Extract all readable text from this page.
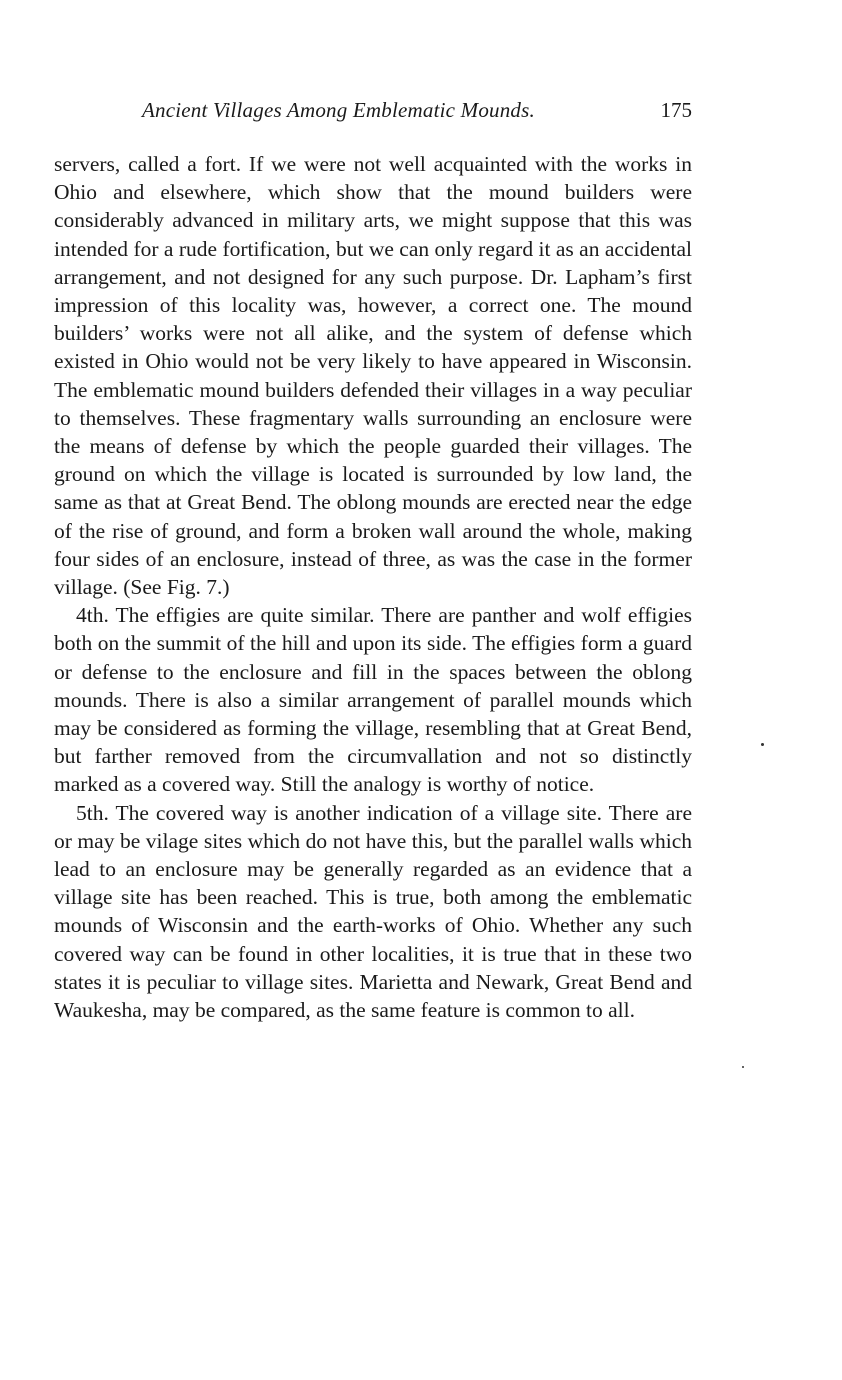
Ancient Villages Among Emblematic Mounds.	175

servers, called a fort. If we were not well acquainted with the works in Ohio and elsewhere, which show that the mound builders were considerably advanced in military arts, we might suppose that this was intended for a rude fortification, but we can only regard it as an accidental arrangement, and not designed for any such purpose. Dr. Lapham’s first impression of this locality was, however, a correct one. The mound builders’ works were not all alike, and the system of defense which existed in Ohio would not be very likely to have appeared in Wisconsin. The emblematic mound builders defended their villages in a way peculiar to themselves. These fragmentary walls surrounding an enclosure were the means of defense by which the people guarded their villages. The ground on which the village is located is surrounded by low land, the same as that at Great Bend. The oblong mounds are erected near the edge of the rise of ground, and form a broken wall around the whole, making four sides of an enclosure, instead of three, as was the case in the former village. (See Fig. 7.)

4th. The effigies are quite similar. There are panther and wolf effigies both on the summit of the hill and upon its side. The effigies form a guard or defense to the enclosure and fill in the spaces between the oblong mounds. There is also a similar arrangement of parallel mounds which may be considered as forming the village, resembling that at Great Bend, but farther removed from the circumvallation and not so distinctly marked as a covered way. Still the analogy is worthy of notice.

5th. The covered way is another indication of a village site. There are or may be vilage sites which do not have this, but the parallel walls which lead to an enclosure may be generally regarded as an evidence that a village site has been reached. This is true, both among the emblematic mounds of Wisconsin and the earth-works of Ohio. Whether any such covered way can be found in other localities, it is true that in these two states it is peculiar to village sites. Marietta and Newark, Great Bend and Waukesha, may be compared, as the same feature is common to all.
